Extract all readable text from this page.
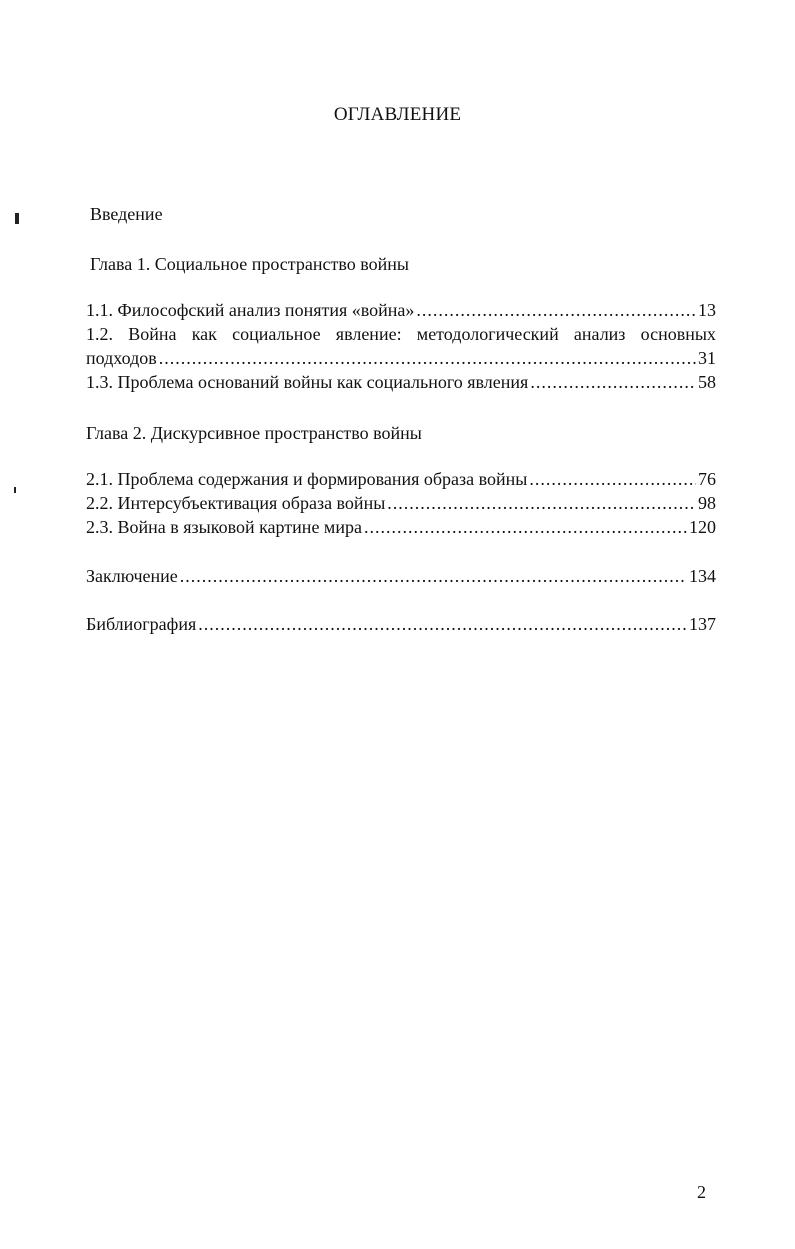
ОГЛАВЛЕНИЕ
Введение
Глава 1. Социальное пространство войны
1.1. Философский анализ понятия «война» .....	13
1.2. Война как социальное явление: методологический анализ основных
подходов .....	31
1.3. Проблема оснований войны как социального явления .....	58
Глава 2. Дискурсивное пространство войны
2.1. Проблема содержания и формирования образа войны .....	76
2.2. Интерсубъективация образа войны .....	98
2.3. Война в языковой картине мира .....	120
Заключение .....	134
Библиография .....	137
2
